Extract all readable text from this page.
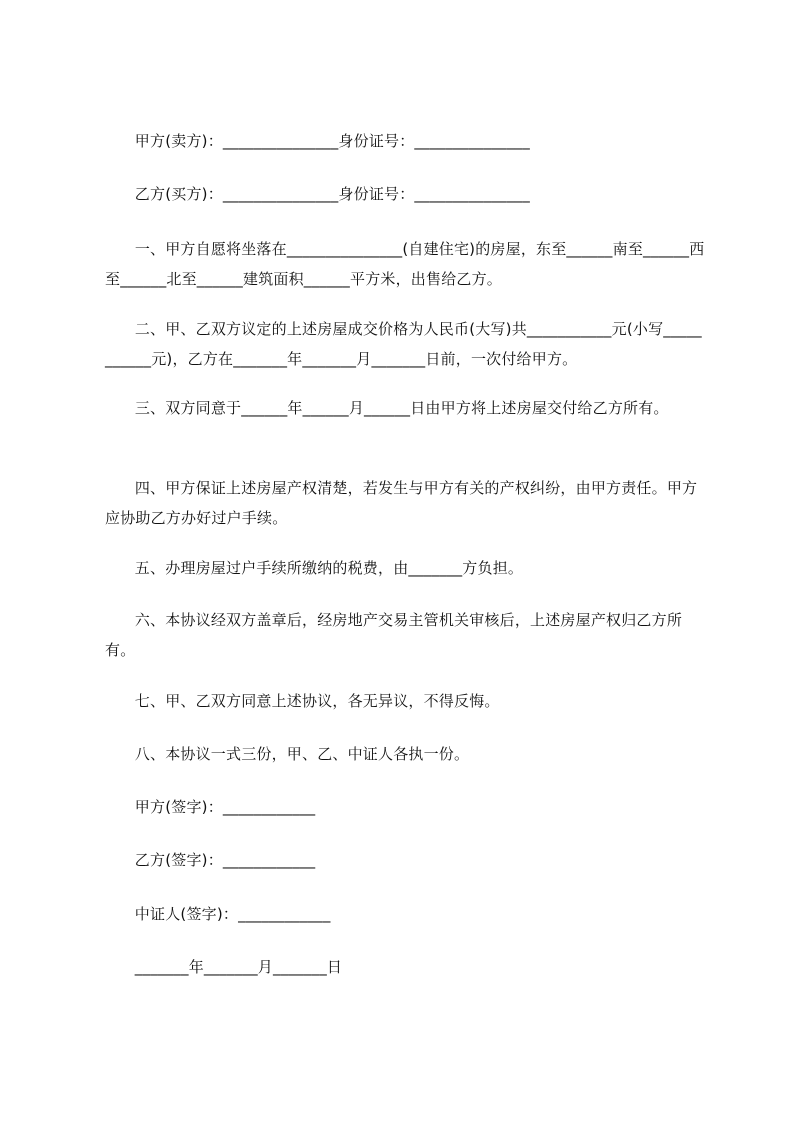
甲方(卖方)：_______________身份证号：_______________
乙方(买方)：_______________身份证号：_______________
一、甲方自愿将坐落在_______________(自建住宅)的房屋，东至______南至______西至______北至______建筑面积______平方米，出售给乙方。
二、甲、乙双方议定的上述房屋成交价格为人民币(大写)共___________元(小写___________元)，乙方在_______年_______月_______日前，一次付给甲方。
三、双方同意于______年______月______日由甲方将上述房屋交付给乙方所有。
四、甲方保证上述房屋产权清楚，若发生与甲方有关的产权纠纷，由甲方责任。甲方应协助乙方办好过户手续。
五、办理房屋过户手续所缴纳的税费，由_______方负担。
六、本协议经双方盖章后，经房地产交易主管机关审核后，上述房屋产权归乙方所有。
七、甲、乙双方同意上述协议，各无异议，不得反悔。
八、本协议一式三份，甲、乙、中证人各执一份。
甲方(签字)：____________
乙方(签字)：____________
中证人(签字)：____________
_______年_______月_______日
